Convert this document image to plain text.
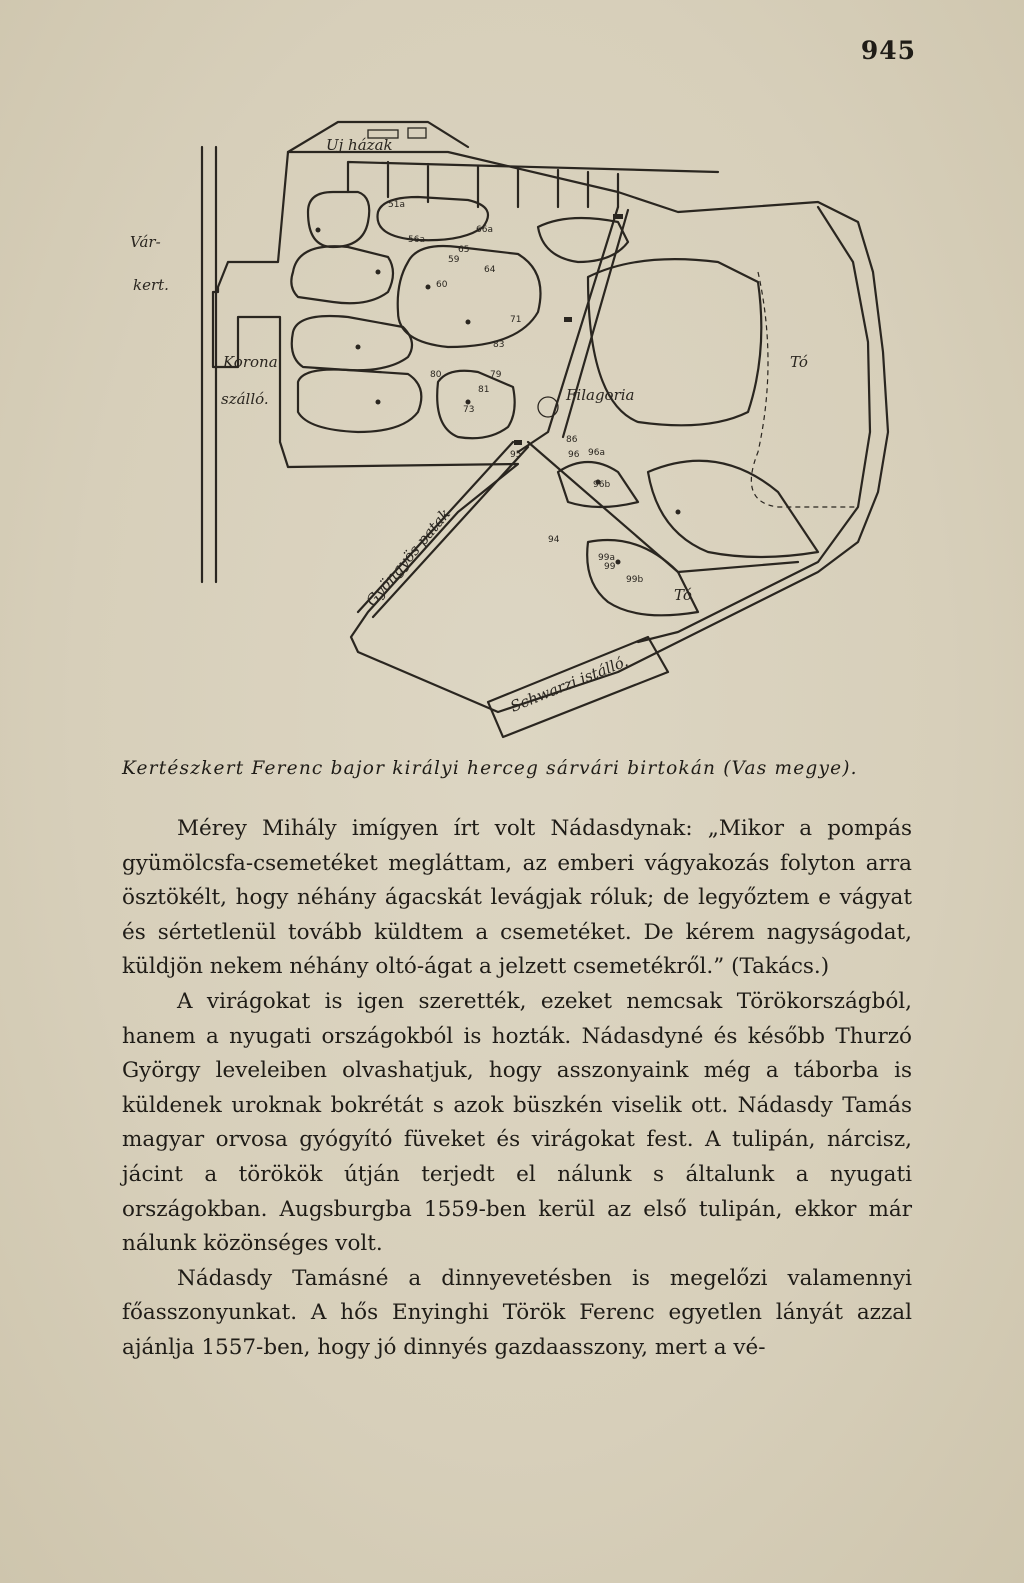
945
Vár-
kert.
Uj házak
Korona
szálló.	Filagoria
Gyöngyös patak
Schwarzi istálló.
Tó
Tó
51a
56a
66a
59
60
64
65
71
73
79
80
81
83
86
94
95	96 96a
96b
99
99a
99b
Kertészkert Ferenc bajor királyi herceg sárvári birtokán (Vas megye).

Mérey Mihály imígyen írt volt Nádasdynak: „Mikor a pompás gyümölcsfa-csemetéket megláttam, az emberi vágyakozás folyton arra ösztökélt, hogy néhány ágacskát levágjak róluk; de legyőztem e vágyat és sértetlenül tovább küldtem a csemetéket. De kérem nagyságodat, küldjön nekem néhány oltó-ágat a jelzett csemetékről.” (Takács.)

A virágokat is igen szerették, ezeket nemcsak Törökországból, hanem a nyugati országokból is hozták. Nádasdyné és később Thurzó György leveleiben olvashatjuk, hogy asszonyaink még a táborba is küldenek uroknak bokrétát s azok büszkén viselik ott. Nádasdy Tamás magyar orvosa gyógyító füveket és virágokat fest. A tulipán, nárcisz, jácint a törökök útján terjedt el nálunk s általunk a nyugati országokban. Augsburgba 1559-ben kerül az első tulipán, ekkor már nálunk közönséges volt.

Nádasdy Tamásné a dinnyevetésben is megelőzi valamennyi főasszonyunkat. A hős Enyinghi Török Ferenc egyetlen lányát azzal ajánlja 1557-ben, hogy jó dinnyés gazdaasszony, mert a vé-
